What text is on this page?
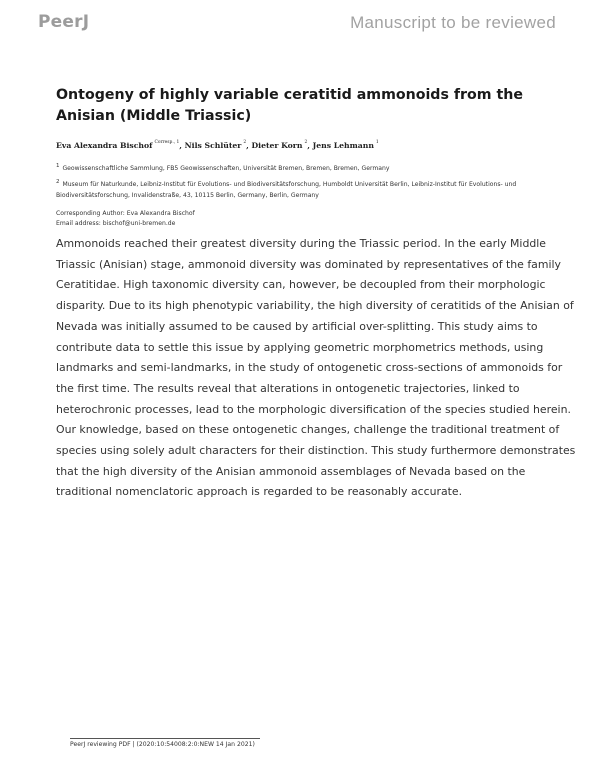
PeerJ	Manuscript to be reviewed
Ontogeny of highly variable ceratitid ammonoids from the Anisian (Middle Triassic)
Eva Alexandra Bischof $^{Corresp., 1}$, Nils Schlüter $^2$, Dieter Korn $^2$, Jens Lehmann $^1$
$^1$ Geowissenschaftliche Sammlung, FB5 Geowissenschaften, Universität Bremen, Bremen, Bremen, Germany
$^2$ Museum für Naturkunde, Leibniz-Institut für Evolutions- und Biodiversitätsforschung, Humboldt Universität Berlin, Leibniz-Institut für Evolutions- und Biodiversitätsforschung, Invalidenstraße, 43, 10115 Berlin, Germany, Berlin, Germany
Corresponding Author: Eva Alexandra Bischof
Email address: bischof@uni-bremen.de

Ammonoids reached their greatest diversity during the Triassic period. In the early Middle Triassic (Anisian) stage, ammonoid diversity was dominated by representatives of the family Ceratitidae. High taxonomic diversity can, however, be decoupled from their morphologic disparity. Due to its high phenotypic variability, the high diversity of ceratitids of the Anisian of Nevada was initially assumed to be caused by artificial over-splitting. This study aims to contribute data to settle this issue by applying geometric morphometrics methods, using landmarks and semi-landmarks, in the study of ontogenetic cross-sections of ammonoids for the first time. The results reveal that alterations in ontogenetic trajectories, linked to heterochronic processes, lead to the morphologic diversification of the species studied herein. Our knowledge, based on these ontogenetic changes, challenge the traditional treatment of species using solely adult characters for their distinction. This study furthermore demonstrates that the high diversity of the Anisian ammonoid assemblages of Nevada based on the traditional nomenclatoric approach is regarded to be reasonably accurate.

PeerJ reviewing PDF | (2020:10:54008:2:0:NEW 14 Jan 2021)
